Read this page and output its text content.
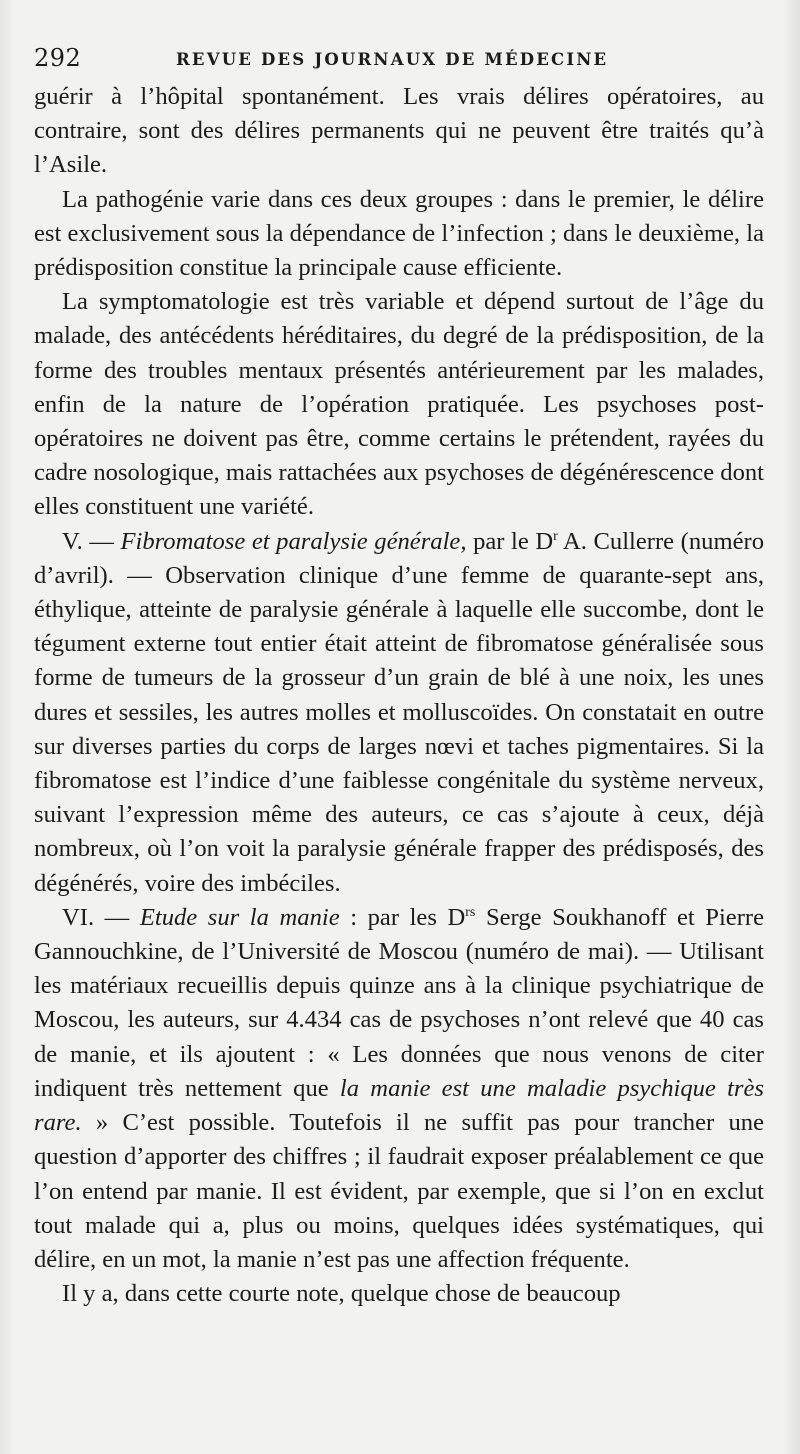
292	REVUE DES JOURNAUX DE MÉDECINE

guérir à l’hôpital spontanément. Les vrais délires opératoires, au contraire, sont des délires permanents qui ne peuvent être traités qu’à l’Asile.

La pathogénie varie dans ces deux groupes : dans le premier, le délire est exclusivement sous la dépendance de l’infection ; dans le deuxième, la prédisposition constitue la principale cause efficiente.

La symptomatologie est très variable et dépend surtout de l’âge du malade, des antécédents héréditaires, du degré de la prédisposition, de la forme des troubles mentaux présentés antérieurement par les malades, enfin de la nature de l’opération pratiquée. Les psychoses post-opératoires ne doivent pas être, comme certains le prétendent, rayées du cadre nosologique, mais rattachées aux psychoses de dégénérescence dont elles constituent une variété.

V. — Fibromatose et paralysie générale, par le $D^r$ A. Cullerre (numéro d’avril). — Observation clinique d’une femme de quarante-sept ans, éthylique, atteinte de paralysie générale à laquelle elle succombe, dont le tégument externe tout entier était atteint de fibromatose généralisée sous forme de tumeurs de la grosseur d’un grain de blé à une noix, les unes dures et sessiles, les autres molles et molluscoïdes. On constatait en outre sur diverses parties du corps de larges nœvi et taches pigmentaires. Si la fibromatose est l’indice d’une faiblesse congénitale du système nerveux, suivant l’expression même des auteurs, ce cas s’ajoute à ceux, déjà nombreux, où l’on voit la paralysie générale frapper des prédisposés, des dégénérés, voire des imbéciles.

VI. — Etude sur la manie : par les $D^{rs}$ Serge Soukhanoff et Pierre Gannouchkine, de l’Université de Moscou (numéro de mai). — Utilisant les matériaux recueillis depuis quinze ans à la clinique psychiatrique de Moscou, les auteurs, sur 4.434 cas de psychoses n’ont relevé que 40 cas de manie, et ils ajoutent : « Les données que nous venons de citer indiquent très nettement que la manie est une maladie psychique très rare. » C’est possible. Toutefois il ne suffit pas pour trancher une question d’apporter des chiffres ; il faudrait exposer préalablement ce que l’on entend par manie. Il est évident, par exemple, que si l’on en exclut tout malade qui a, plus ou moins, quelques idées systématiques, qui délire, en un mot, la manie n’est pas une affection fréquente.

Il y a, dans cette courte note, quelque chose de beaucoup
